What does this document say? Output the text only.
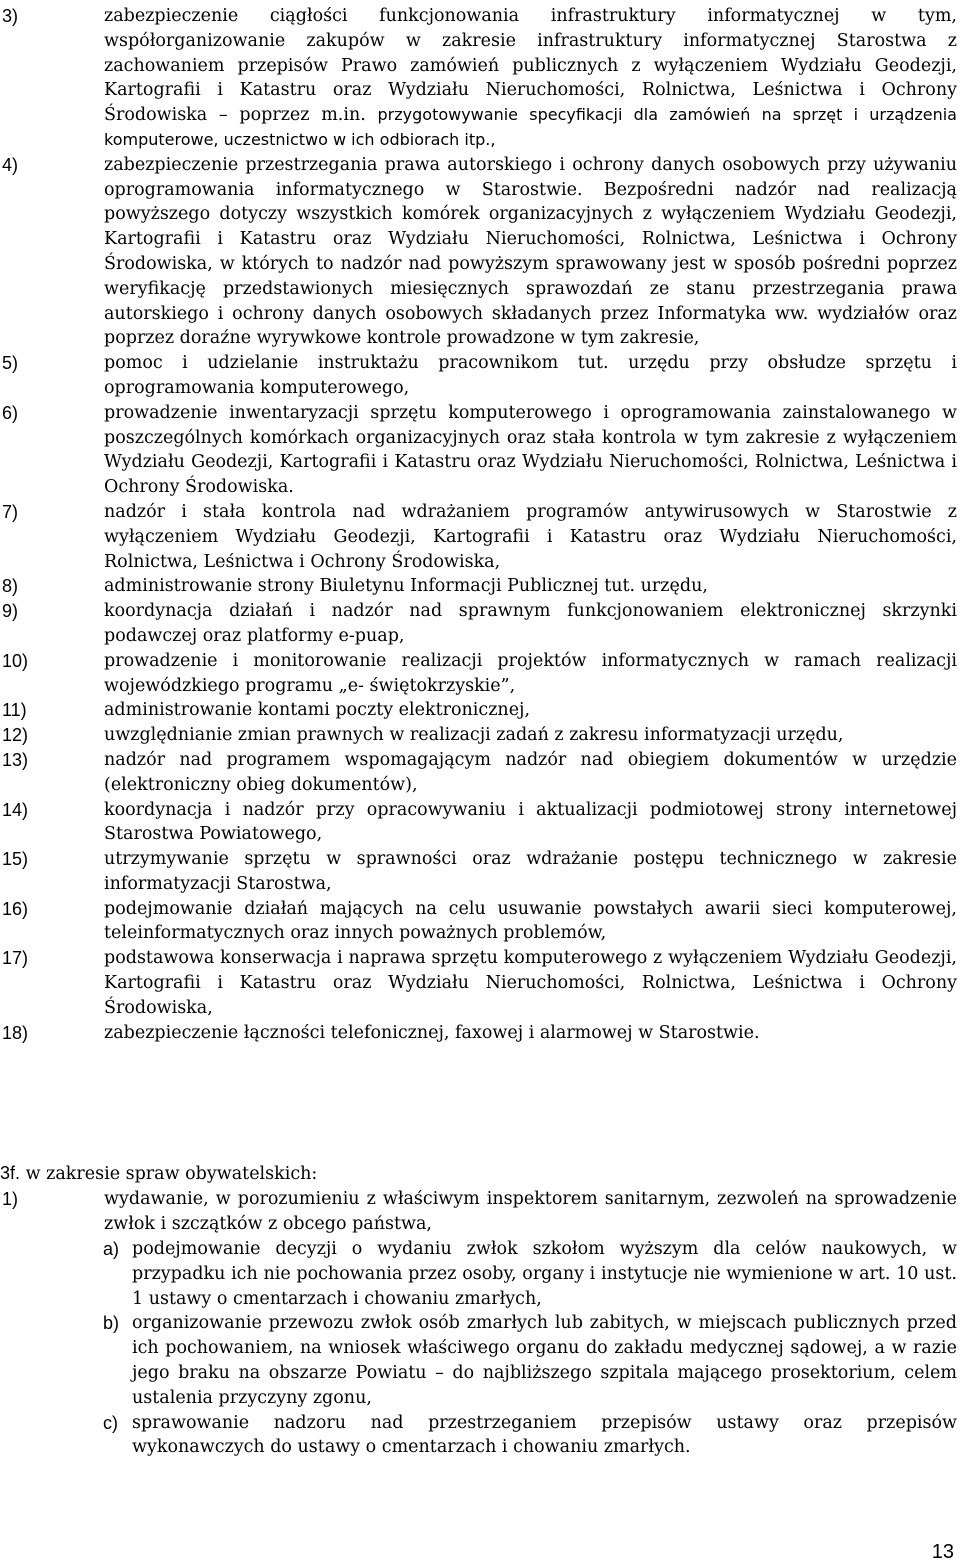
3)	zabezpieczenie ciągłości funkcjonowania infrastruktury informatycznej w tym, współorganizowanie zakupów w zakresie infrastruktury informatycznej Starostwa z zachowaniem przepisów Prawo zamówień publicznych z wyłączeniem Wydziału Geodezji, Kartografii i Katastru oraz Wydziału Nieruchomości, Rolnictwa, Leśnictwa i Ochrony Środowiska – poprzez m.in. przygotowywanie specyfikacji dla zamówień na sprzęt i urządzenia komputerowe, uczestnictwo w ich odbiorach itp.,
4)	zabezpieczenie przestrzegania prawa autorskiego i ochrony danych osobowych przy używaniu oprogramowania informatycznego w Starostwie. Bezpośredni nadzór nad realizacją powyższego dotyczy wszystkich komórek organizacyjnych z wyłączeniem Wydziału Geodezji, Kartografii i Katastru oraz Wydziału Nieruchomości, Rolnictwa, Leśnictwa i Ochrony Środowiska, w których to nadzór nad powyższym sprawowany jest w sposób pośredni poprzez weryfikację przedstawionych miesięcznych sprawozdań ze stanu przestrzegania prawa autorskiego i ochrony danych osobowych składanych przez Informatyka ww. wydziałów oraz poprzez doraźne wyrywkowe kontrole prowadzone w tym zakresie,
5)	pomoc i udzielanie instruktażu pracownikom tut. urzędu przy obsłudze sprzętu i oprogramowania komputerowego,
6)	prowadzenie inwentaryzacji sprzętu komputerowego i oprogramowania zainstalowanego w poszczególnych komórkach organizacyjnych oraz stała kontrola w tym zakresie z wyłączeniem Wydziału Geodezji, Kartografii i Katastru oraz Wydziału Nieruchomości, Rolnictwa, Leśnictwa i Ochrony Środowiska.
7)	nadzór i stała kontrola nad wdrażaniem programów antywirusowych w Starostwie z wyłączeniem Wydziału Geodezji, Kartografii i Katastru oraz Wydziału Nieruchomości, Rolnictwa, Leśnictwa i Ochrony Środowiska,
8)	administrowanie strony Biuletynu Informacji Publicznej tut. urzędu,
9)	koordynacja działań i nadzór nad sprawnym funkcjonowaniem elektronicznej skrzynki podawczej oraz platformy e-puap,
10)	prowadzenie i monitorowanie realizacji projektów informatycznych w ramach realizacji wojewódzkiego programu „e- świętokrzyskie”,
11)	administrowanie kontami poczty elektronicznej,
12)	uwzględnianie zmian prawnych w realizacji zadań z zakresu informatyzacji urzędu,
13)	nadzór nad programem wspomagającym nadzór nad obiegiem dokumentów w urzędzie (elektroniczny obieg dokumentów),
14)	koordynacja i nadzór przy opracowywaniu i aktualizacji podmiotowej strony internetowej Starostwa Powiatowego,
15)	utrzymywanie sprzętu w sprawności oraz wdrażanie postępu technicznego w zakresie informatyzacji Starostwa,
16)	podejmowanie działań mających na celu usuwanie powstałych awarii sieci komputerowej, teleinformatycznych oraz innych poważnych problemów,
17)	podstawowa konserwacja i naprawa sprzętu komputerowego z wyłączeniem Wydziału Geodezji, Kartografii i Katastru oraz Wydziału Nieruchomości, Rolnictwa, Leśnictwa i Ochrony Środowiska,
18)	zabezpieczenie łączności telefonicznej, faxowej i alarmowej w Starostwie.
3f. w zakresie spraw obywatelskich:
1)	wydawanie, w porozumieniu z właściwym inspektorem sanitarnym, zezwoleń na sprowadzenie zwłok i szczątków z obcego państwa,
a) podejmowanie decyzji o wydaniu zwłok szkołom wyższym dla celów naukowych, w przypadku ich nie pochowania przez osoby, organy i instytucje nie wymienione w art. 10 ust. 1 ustawy o cmentarzach i chowaniu zmarłych,
b) organizowanie przewozu zwłok osób zmarłych lub zabitych, w miejscach publicznych przed ich pochowaniem, na wniosek właściwego organu do zakładu medycznej sądowej, a w razie jego braku na obszarze Powiatu – do najbliższego szpitala mającego prosektorium, celem ustalenia przyczyny zgonu,
c) sprawowanie nadzoru nad przestrzeganiem przepisów ustawy oraz przepisów wykonawczych do ustawy o cmentarzach i chowaniu zmarłych.
13
